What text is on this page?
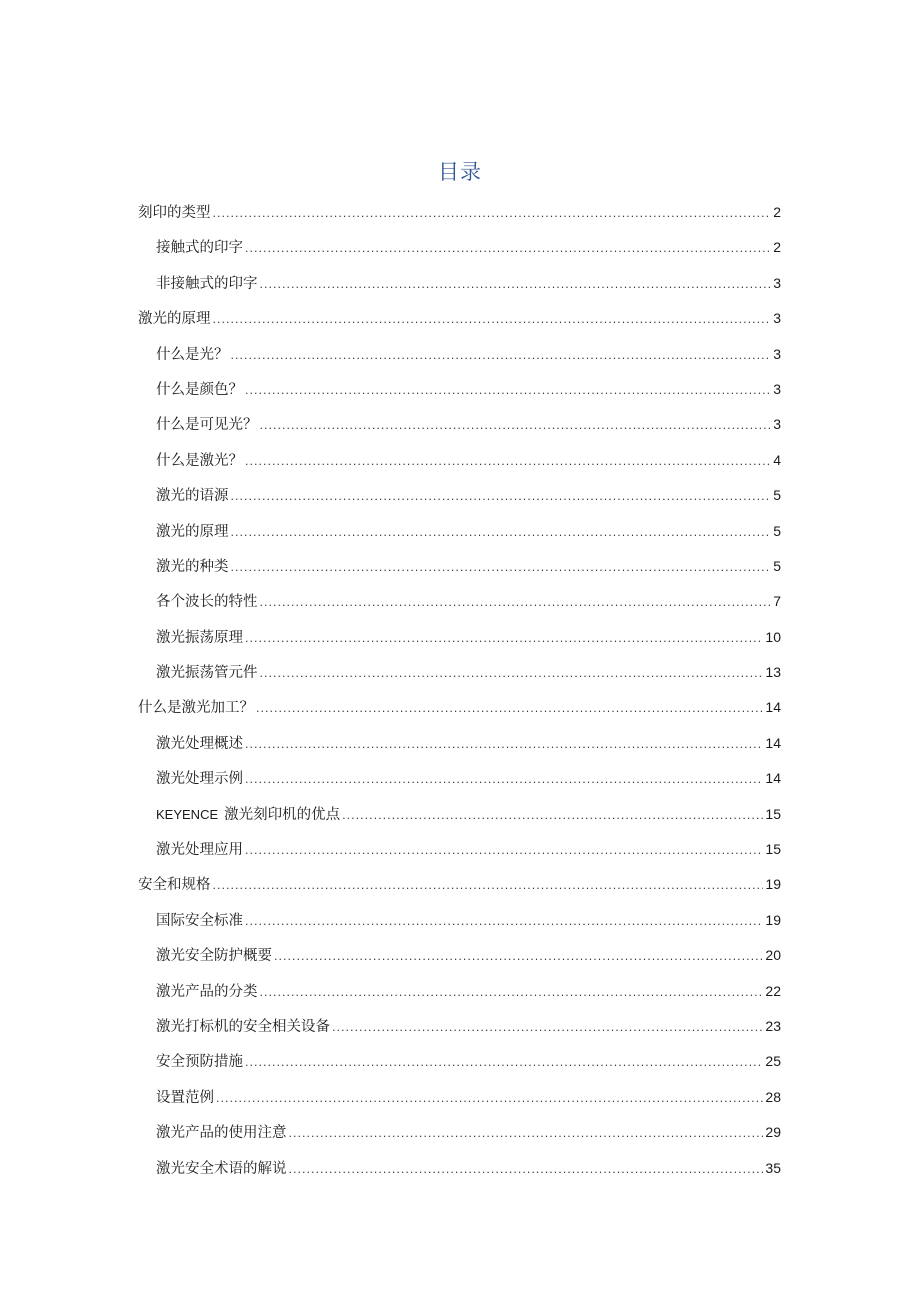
目录
刻印的类型 .....	2
接触式的印字 .....	2
非接触式的印字 .....	3
激光的原理 .....	3
什么是光？ .....	3
什么是颜色？ .....	3
什么是可见光？ .....	3
什么是激光？ .....	4
激光的语源 .....	5
激光的原理 .....	5
激光的种类 .....	5
各个波长的特性 .....	7
激光振荡原理 .....	10
激光振荡管元件 .....	13
什么是激光加工？ .....	14
激光处理概述 .....	14
激光处理示例 .....	14
KEYENCE 激光刻印机的优点 .....	15
激光处理应用 .....	15
安全和规格 .....	19
国际安全标准 .....	19
激光安全防护概要 .....	20
激光产品的分类 .....	22
激光打标机的安全相关设备 .....	23
安全预防措施 .....	25
设置范例 .....	28
激光产品的使用注意 .....	29
激光安全术语的解说 .....	35
